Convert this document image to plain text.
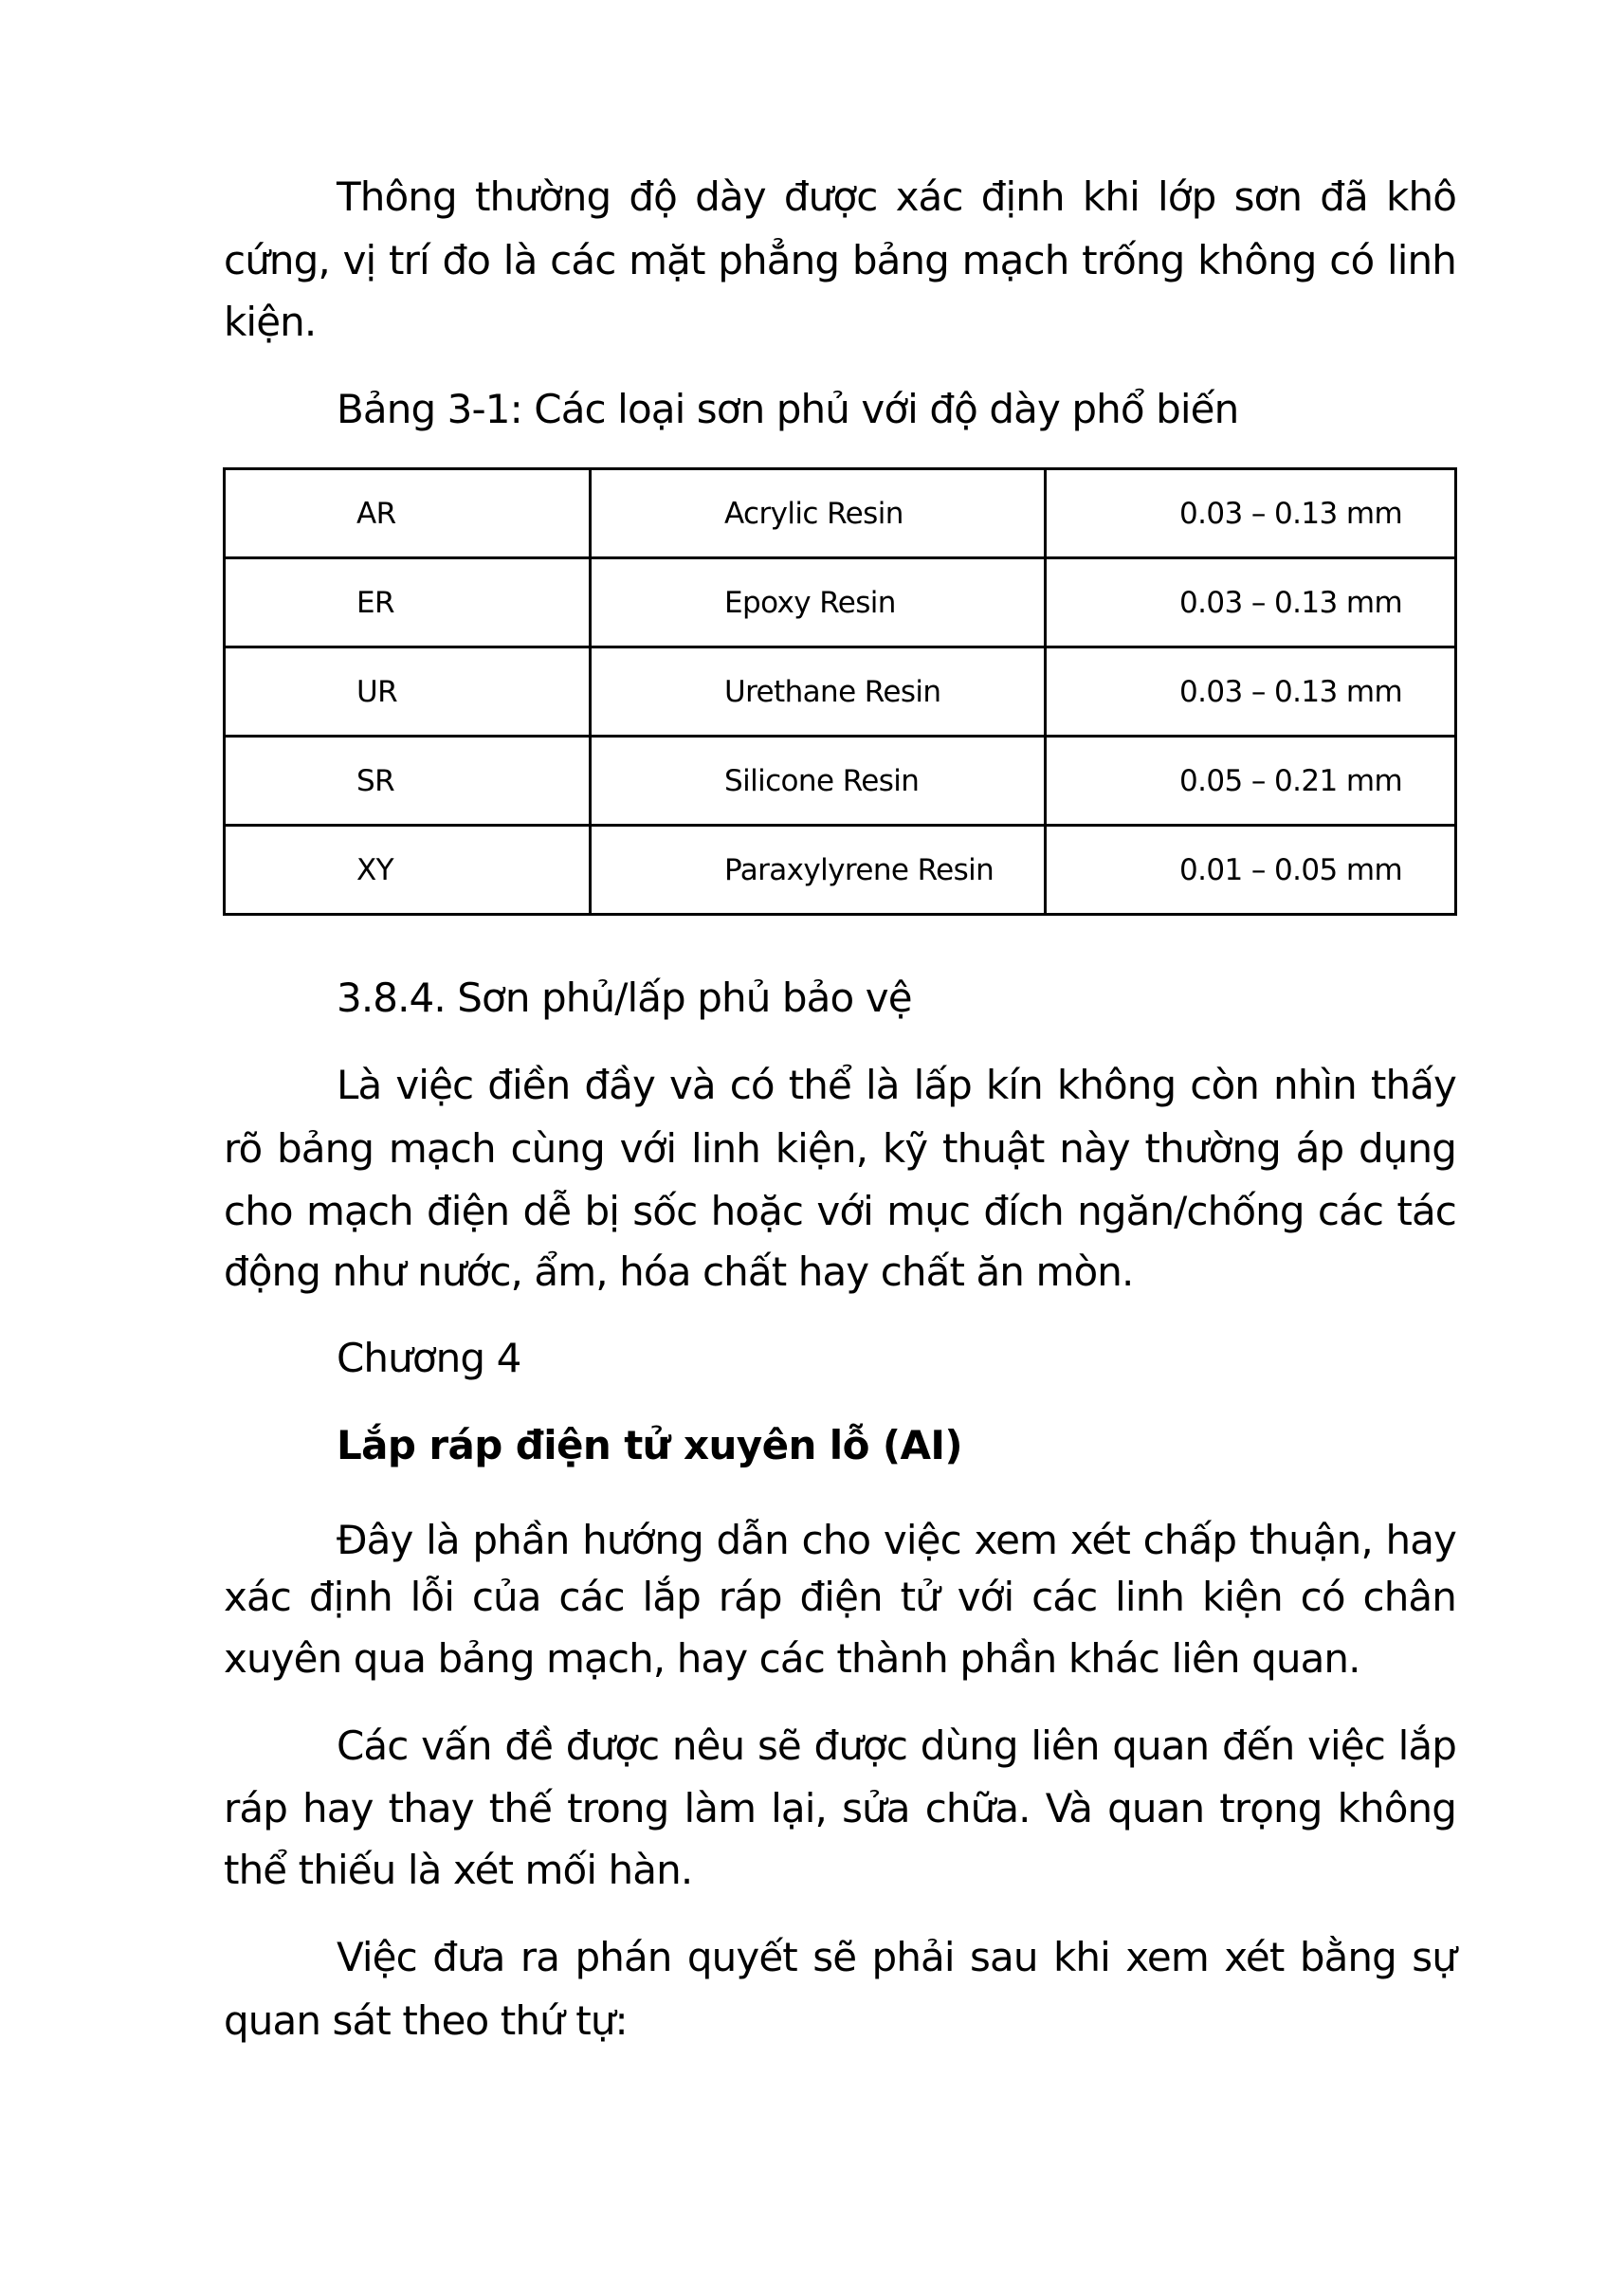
Thông thường độ dày được xác định khi lớp sơn đã khô
cứng, vị trí đo là các mặt phẳng bảng mạch trống không có linh
kiện.
Bảng 3-1: Các loại sơn phủ với độ dày phổ biến
AR	Acrylic Resin	0.03 – 0.13 mm
ER	Epoxy Resin	0.03 – 0.13 mm
UR	Urethane Resin	0.03 – 0.13 mm
SR	Silicone Resin	0.05 – 0.21 mm
XY	Paraxylyrene Resin	0.01 – 0.05 mm
3.8.4. Sơn phủ/lấp phủ bảo vệ
Là việc điền đầy và có thể là lấp kín không còn nhìn thấy
rõ bảng mạch cùng với linh kiện, kỹ thuật này thường áp dụng
cho mạch điện dễ bị sốc hoặc với mục đích ngăn/chống các tác
động như nước, ẩm, hóa chất hay chất ăn mòn.
Chương 4
Lắp ráp điện tử xuyên lỗ (AI)
Đây là phần hướng dẫn cho việc xem xét chấp thuận, hay
xác định lỗi của các lắp ráp điện tử với các linh kiện có chân
xuyên qua bảng mạch, hay các thành phần khác liên quan.
Các vấn đề được nêu sẽ được dùng liên quan đến việc lắp
ráp hay thay thế trong làm lại, sửa chữa. Và quan trọng không
thể thiếu là xét mối hàn.
Việc đưa ra phán quyết sẽ phải sau khi xem xét bằng sự
quan sát theo thứ tự:
